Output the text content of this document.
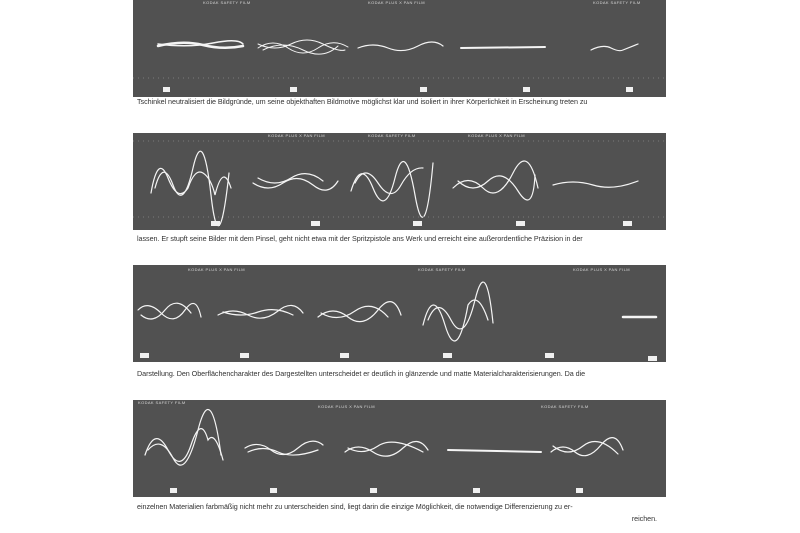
KODAK SAFETY FILM	KODAK PLUS X PAN FILM	KODAK SAFETY FILM

Tschinkel neutralisiert die Bildgründe, um seine objekthaften Bildmotive möglichst klar und isoliert in ihrer Körperlichkeit in Erscheinung treten zu

KODAK PLUS X PAN FILM	KODAK SAFETY FILM	KODAK PLUS X PAN FILM

lassen. Er stupft seine Bilder mit dem Pinsel, geht nicht etwa mit der Spritzpistole ans Werk und erreicht eine außerordentliche Präzision in der

KODAK PLUS X PAN FILM	KODAK SAFETY FILM	KODAK PLUS X PAN FILM

Darstellung. Den Oberflächencharakter des Dargestellten unterscheidet er deutlich in glänzende und matte Materialcharakterisierungen. Da die

KODAK SAFETY FILM
KODAK PLUS X PAN FILM	KODAK SAFETY FILM

einzelnen Materialien farbmäßig nicht mehr zu unterscheiden sind, liegt darin die einzige Möglichkeit, die notwendige Differenzierung zu er-

reichen.
